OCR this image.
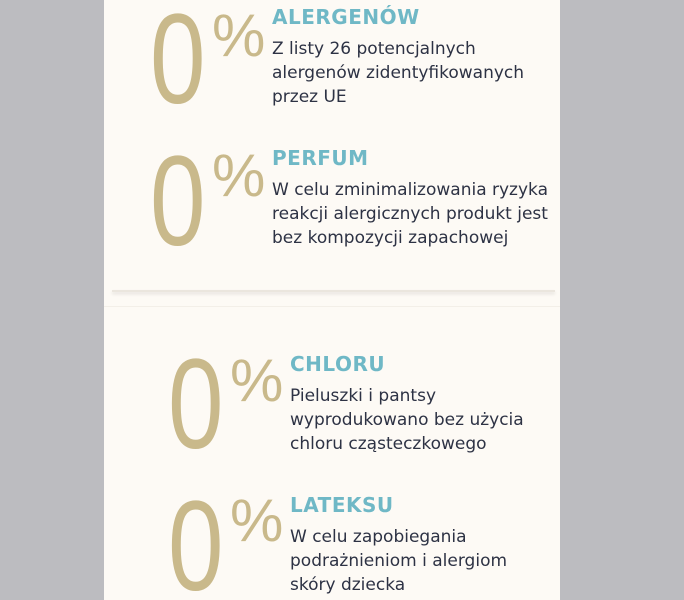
0 % ALERGENÓW
Z listy 26 potencjalnych
alergenów zidentyfikowanych
przez UE
0 % PERFUM
W celu zminimalizowania ryzyka
reakcji alergicznych produkt jest
bez kompozycji zapachowej
0 % CHLORU
Pieluszki i pantsy
wyprodukowano bez użycia
chloru cząsteczkowego
0 % LATEKSU
W celu zapobiegania
podrażnieniom i alergiom
skóry dziecka
